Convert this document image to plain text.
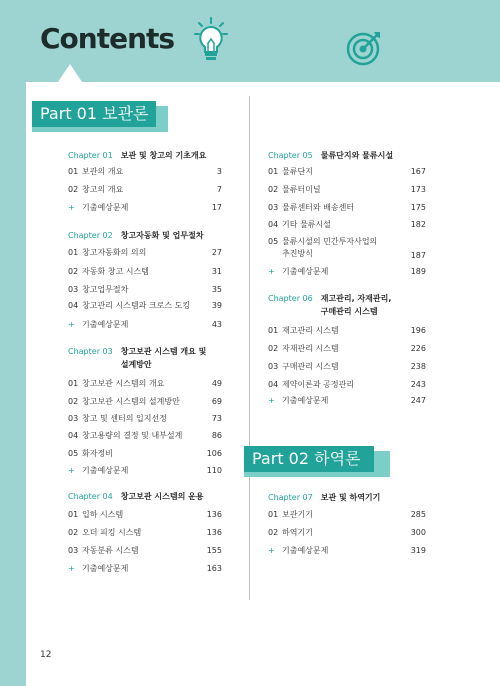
Contents
Part 01 보관론
Part 02 하역론
Chapter 01 보관 및 창고의 기초개요
01 보관의 개요	3
02 창고의 개요	7
+ 기출예상문제	17
Chapter 02 창고자동화 및 업무절차
01 창고자동화의 의의	27
02 자동화 창고 시스템	31
03 창고업무절차	35
04 창고관리 시스템과 크로스 도킹	39
+ 기출예상문제	43
Chapter 03 창고보관 시스템 개요 및
설계방안
01 창고보관 시스템의 개요	49
02 창고보관 시스템의 설계방안	69
03 창고 및 센터의 입지선정	73
04 창고용량의 결정 및 내부설계	86
05 화자정비	106
+ 기출예상문제	110
Chapter 04 창고보관 시스템의 운용
01 입하 시스템	136
02 오더 피킹 시스템	136
03 자동분류 시스템	155
+ 기출예상문제	163
Chapter 05 물류단지와 물류시설
01 물류단지	167
02 물류터미널	173
03 물류센터와 배송센터	175
04 기타 물류시설	182
05 물류시설의 민간투자사업의
추진방식	187
+ 기출예상문제	189
Chapter 06 재고관리, 자재관리,
구매관리 시스템
01 재고관리 시스템	196
02 자재관리 시스템	226
03 구매관리 시스템	238
04 제약이론과 공정관리	243
+ 기출예상문제	247
Chapter 07 보관 및 하역기기
01 보관기기	285
02 하역기기	300
+ 기출예상문제	319
12
